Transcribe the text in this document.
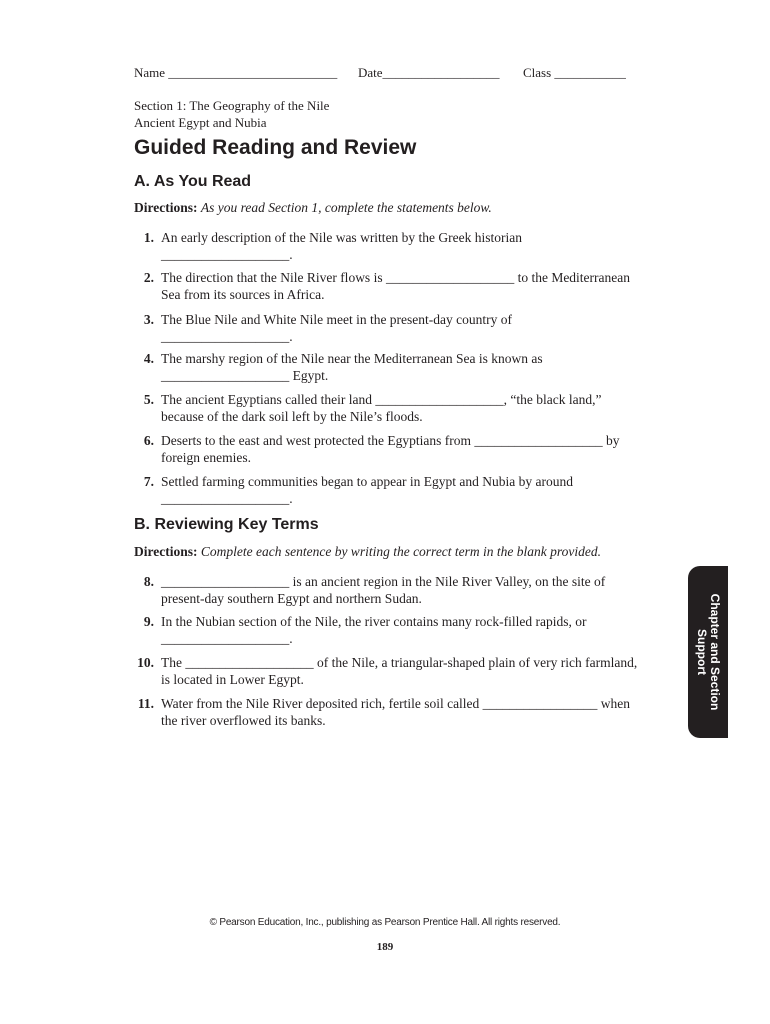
Name __________________________ Date__________________ Class ___________
Section 1: The Geography of the Nile
Ancient Egypt and Nubia
Guided Reading and Review
A. As You Read
Directions: As you read Section 1, complete the statements below.
1. An early description of the Nile was written by the Greek historian ___________________.
2. The direction that the Nile River flows is ___________________ to the Mediterranean Sea from its sources in Africa.
3. The Blue Nile and White Nile meet in the present-day country of ___________________.
4. The marshy region of the Nile near the Mediterranean Sea is known as ___________________ Egypt.
5. The ancient Egyptians called their land ___________________, “the black land,” because of the dark soil left by the Nile’s floods.
6. Deserts to the east and west protected the Egyptians from ___________________ by foreign enemies.
7. Settled farming communities began to appear in Egypt and Nubia by around ___________________.
B. Reviewing Key Terms
Directions: Complete each sentence by writing the correct term in the blank provided.
8. ___________________ is an ancient region in the Nile River Valley, on the site of present-day southern Egypt and northern Sudan.
9. In the Nubian section of the Nile, the river contains many rock-filled rapids, or ___________________.
10. The ___________________ of the Nile, a triangular-shaped plain of very rich farmland, is located in Lower Egypt.
11. Water from the Nile River deposited rich, fertile soil called _________________ when the river overflowed its banks.
Chapter and Section
Support
© Pearson Education, Inc., publishing as Pearson Prentice Hall. All rights reserved.
189
